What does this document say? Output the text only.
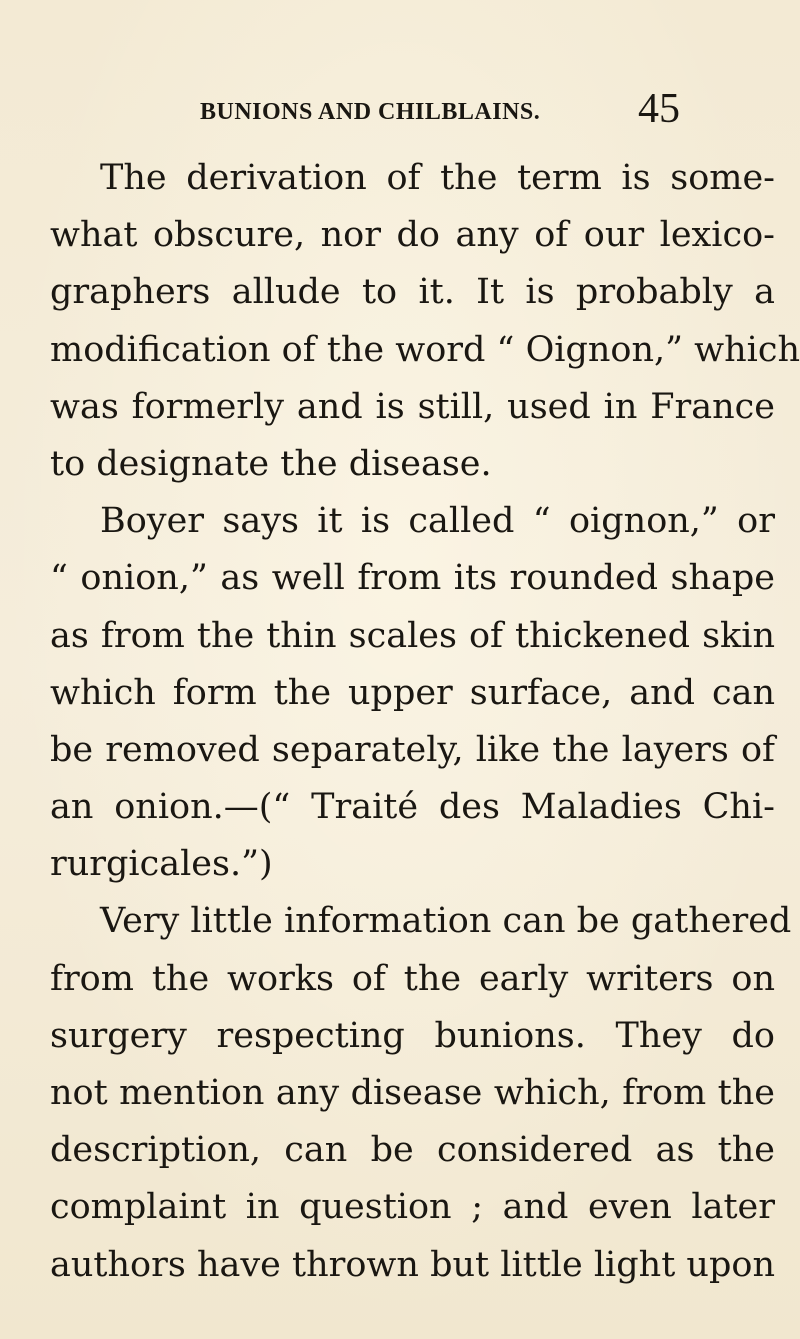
BUNIONS AND CHILBLAINS. 45
The derivation of the term is some-
what obscure, nor do any of our lexico-
graphers allude to it. It is probably a
modification of the word “ Oignon,” which
was formerly and is still, used in France
to designate the disease.
Boyer says it is called “ oignon,” or
“ onion,” as well from its rounded shape
as from the thin scales of thickened skin
which form the upper surface, and can
be removed separately, like the layers of
an onion.—(“ Traité des Maladies Chi-
rurgicales.”)
Very little information can be gathered
from the works of the early writers on
surgery respecting bunions. They do
not mention any disease which, from the
description, can be considered as the
complaint in question ; and even later
authors have thrown but little light upon
